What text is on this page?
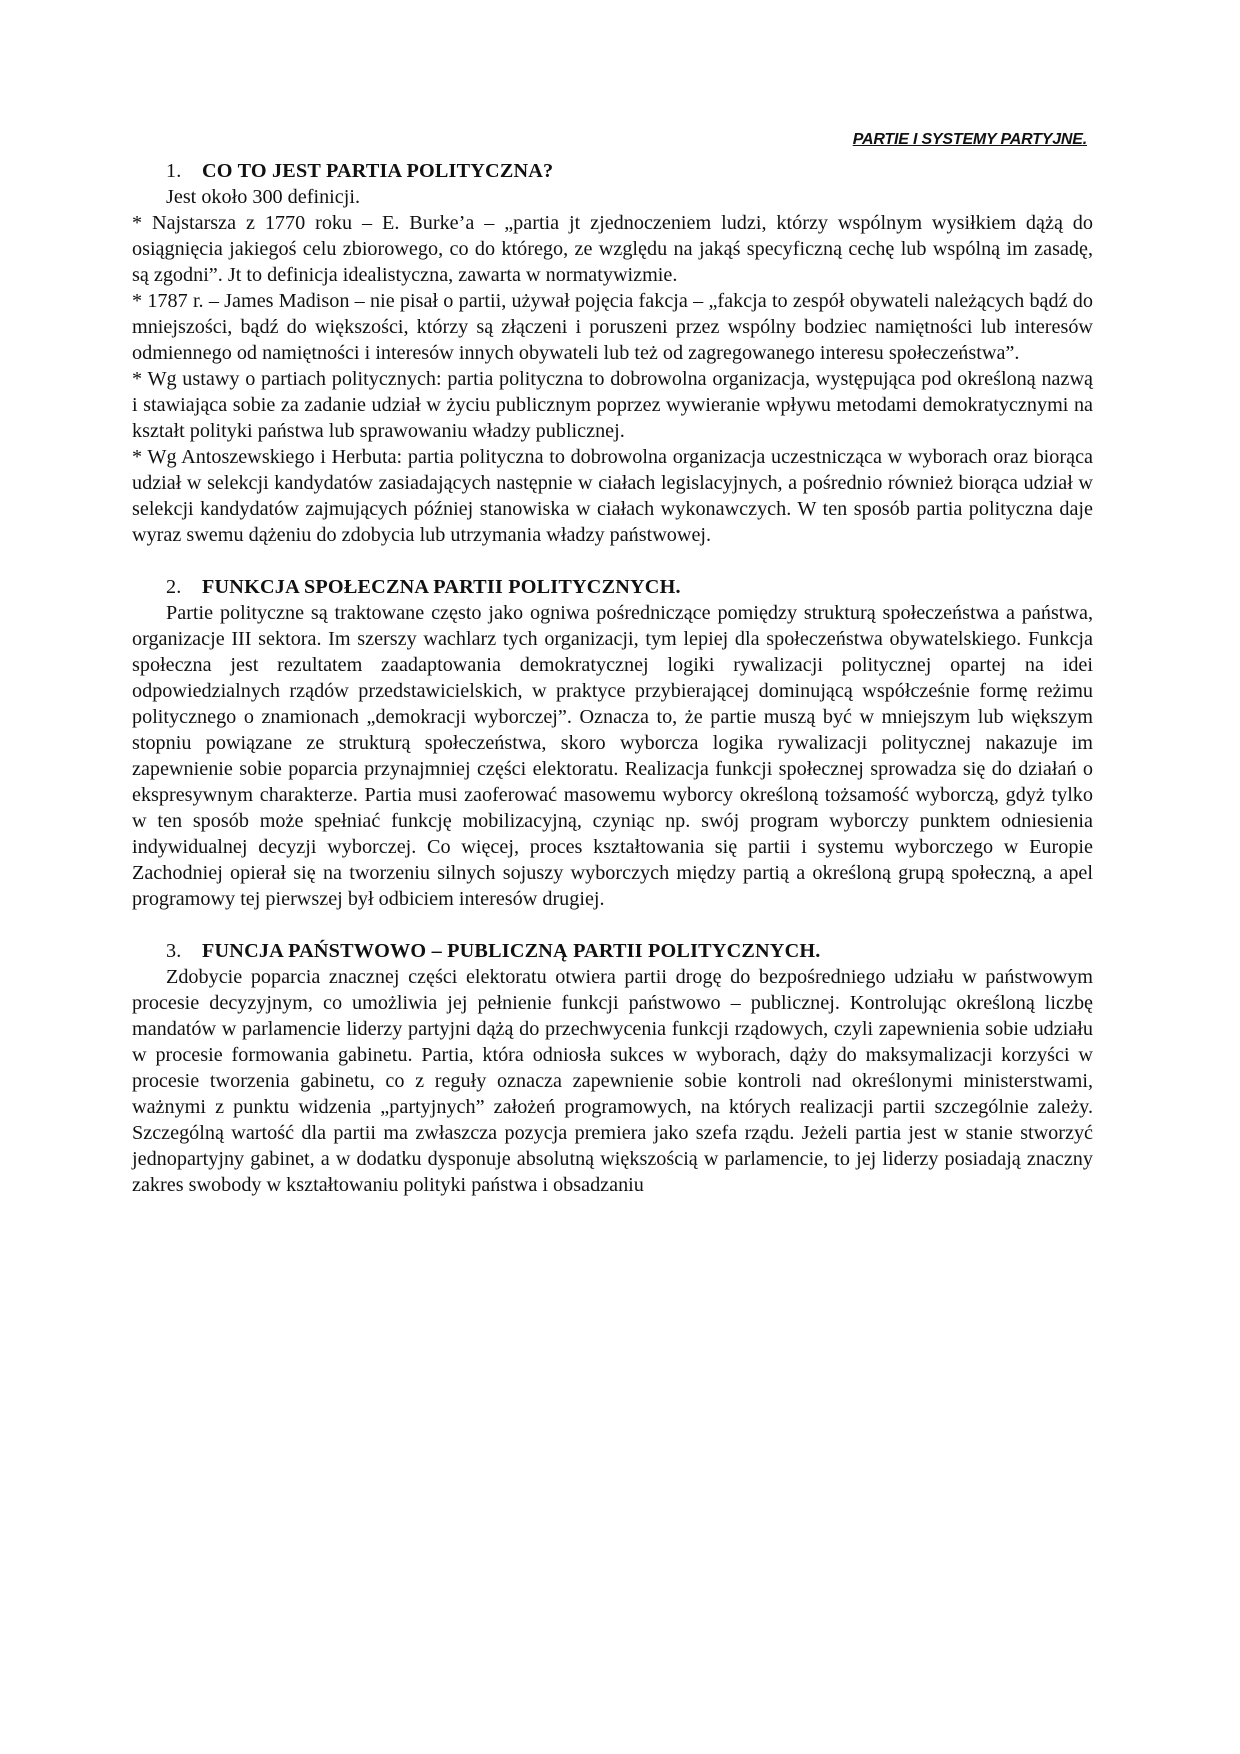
PARTIE I SYSTEMY PARTYJNE.
1. CO TO JEST PARTIA POLITYCZNA?

Jest około 300 definicji.

* Najstarsza z 1770 roku – E. Burke’a – „partia jt zjednoczeniem ludzi, którzy wspólnym wysiłkiem dążą do osiągnięcia jakiegoś celu zbiorowego, co do którego, ze względu na jakąś specyficzną cechę lub wspólną im zasadę, są zgodni”. Jt to definicja idealistyczna, zawarta w normatywizmie.

* 1787 r. – James Madison – nie pisał o partii, używał pojęcia fakcja – „fakcja to zespół obywateli należących bądź do mniejszości, bądź do większości, którzy są złączeni i poruszeni przez wspólny bodziec namiętności lub interesów odmiennego od namiętności i interesów innych obywateli lub też od zagregowanego interesu społeczeństwa”.

* Wg ustawy o partiach politycznych: partia polityczna to dobrowolna organizacja, występująca pod określoną nazwą i stawiająca sobie za zadanie udział w życiu publicznym poprzez wywieranie wpływu metodami demokratycznymi na kształt polityki państwa lub sprawowaniu władzy publicznej.

* Wg Antoszewskiego i Herbuta: partia polityczna to dobrowolna organizacja uczestnicząca w wyborach oraz biorąca udział w selekcji kandydatów zasiadających następnie w ciałach legislacyjnych, a pośrednio również biorąca udział w selekcji kandydatów zajmujących później stanowiska w ciałach wykonawczych. W ten sposób partia polityczna daje wyraz swemu dążeniu do zdobycia lub utrzymania władzy państwowej.

2. FUNKCJA SPOŁECZNA PARTII POLITYCZNYCH.

Partie polityczne są traktowane często jako ogniwa pośredniczące pomiędzy strukturą społeczeństwa a państwa, organizacje III sektora. Im szerszy wachlarz tych organizacji, tym lepiej dla społeczeństwa obywatelskiego. Funkcja społeczna jest rezultatem zaadaptowania demokratycznej logiki rywalizacji politycznej opartej na idei odpowiedzialnych rządów przedstawicielskich, w praktyce przybierającej dominującą współcześnie formę reżimu politycznego o znamionach „demokracji wyborczej”. Oznacza to, że partie muszą być w mniejszym lub większym stopniu powiązane ze strukturą społeczeństwa, skoro wyborcza logika rywalizacji politycznej nakazuje im zapewnienie sobie poparcia przynajmniej części elektoratu. Realizacja funkcji społecznej sprowadza się do działań o ekspresywnym charakterze. Partia musi zaoferować masowemu wyborcy określoną tożsamość wyborczą, gdyż tylko w ten sposób może spełniać funkcję mobilizacyjną, czyniąc np. swój program wyborczy punktem odniesienia indywidualnej decyzji wyborczej. Co więcej, proces kształtowania się partii i systemu wyborczego w Europie Zachodniej opierał się na tworzeniu silnych sojuszy wyborczych między partią a określoną grupą społeczną, a apel programowy tej pierwszej był odbiciem interesów drugiej.

3. FUNCJA PAŃSTWOWO – PUBLICZNĄ PARTII POLITYCZNYCH.

Zdobycie poparcia znacznej części elektoratu otwiera partii drogę do bezpośredniego udziału w państwowym procesie decyzyjnym, co umożliwia jej pełnienie funkcji państwowo – publicznej. Kontrolując określoną liczbę mandatów w parlamencie liderzy partyjni dążą do przechwycenia funkcji rządowych, czyli zapewnienia sobie udziału w procesie formowania gabinetu. Partia, która odniosła sukces w wyborach, dąży do maksymalizacji korzyści w procesie tworzenia gabinetu, co z reguły oznacza zapewnienie sobie kontroli nad określonymi ministerstwami, ważnymi z punktu widzenia „partyjnych” założeń programowych, na których realizacji partii szczególnie zależy. Szczególną wartość dla partii ma zwłaszcza pozycja premiera jako szefa rządu. Jeżeli partia jest w stanie stworzyć jednopartyjny gabinet, a w dodatku dysponuje absolutną większością w parlamencie, to jej liderzy posiadają znaczny zakres swobody w kształtowaniu polityki państwa i obsadzaniu
